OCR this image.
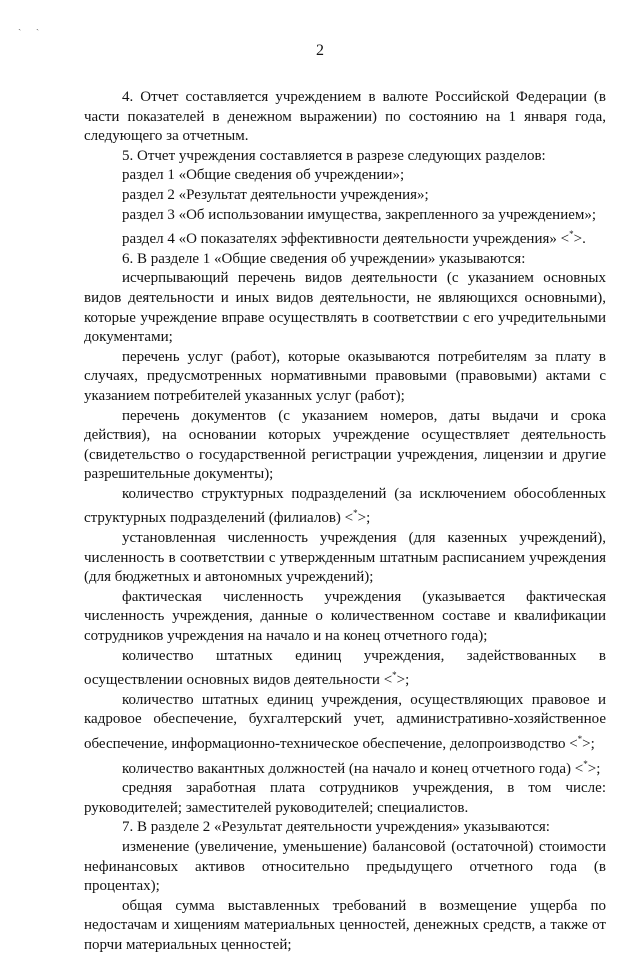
ˎ ˎ
2

4. Отчет составляется учреждением в валюте Российской Федерации (в части показателей в денежном выражении) по состоянию на 1 января года, следующего за отчетным.

5. Отчет учреждения составляется в разрезе следующих разделов:

раздел 1 «Общие сведения об учреждении»;

раздел 2 «Результат деятельности учреждения»;

раздел 3 «Об использовании имущества, закрепленного за учреждением»;

раздел 4 «О показателях эффективности деятельности учреждения» <*>.

6. В разделе 1 «Общие сведения об учреждении» указываются:

исчерпывающий перечень видов деятельности (с указанием основных видов деятельности и иных видов деятельности, не являющихся основными), которые учреждение вправе осуществлять в соответствии с его учредительными документами;

перечень услуг (работ), которые оказываются потребителям за плату в случаях, предусмотренных нормативными правовыми (правовыми) актами с указанием потребителей указанных услуг (работ);

перечень документов (с указанием номеров, даты выдачи и срока действия), на основании которых учреждение осуществляет деятельность (свидетельство о государственной регистрации учреждения, лицензии и другие разрешительные документы);

количество структурных подразделений (за исключением обособленных структурных подразделений (филиалов) <*>;

установленная численность учреждения (для казенных учреждений), численность в соответствии с утвержденным штатным расписанием учреждения (для бюджетных и автономных учреждений);

фактическая численность учреждения (указывается фактическая численность учреждения, данные о количественном составе и квалификации сотрудников учреждения на начало и на конец отчетного года);

количество штатных единиц учреждения, задействованных в осуществлении основных видов деятельности <*>;

количество штатных единиц учреждения, осуществляющих правовое и кадровое обеспечение, бухгалтерский учет, административно-хозяйственное обеспечение, информационно-техническое обеспечение, делопроизводство <*>;

количество вакантных должностей (на начало и конец отчетного года) <*>;

средняя заработная плата сотрудников учреждения, в том числе: руководителей; заместителей руководителей; специалистов.

7. В разделе 2 «Результат деятельности учреждения» указываются:

изменение (увеличение, уменьшение) балансовой (остаточной) стоимости нефинансовых активов относительно предыдущего отчетного года (в процентах);

общая сумма выставленных требований в возмещение ущерба по недостачам и хищениям материальных ценностей, денежных средств, а также от порчи материальных ценностей;
